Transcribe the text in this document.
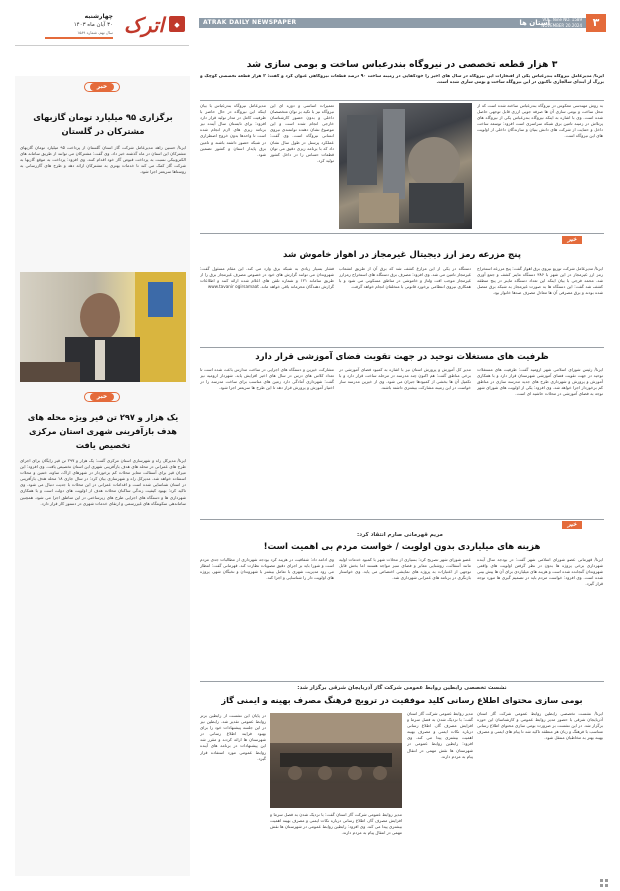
۳
استان ها
VOL. Nine NO. 1589
NOVEMBER 20.2024
ATRAK DAILY NEWSPAPER
◆
اترک
چهارشنبه
۳۰ آبان ماه ۱۴۰۳
سال نهم، شماره ۱۵۸۹
۳ هزار قطعه تخصصی در نیروگاه بندرعباس ساخت و بومی سازی شد
ایرنا/ مدیرعامل نیروگاه بندرعباس یکی از افتخارات این نیروگاه در سال های اخیر را خودکفایی در زمینه ساخت ۹۰ درصد قطعات نیروگاهی عنوان کرد و گفت: ۳ هزار قطعه تخصصی کوچک و بزرگ از ابتدای سالجاری تاکنون در این نیروگاه ساخت و بومی سازی شده است.
به روش مهندسی معکوس در نیروگاه بندرعباس ساخته شده است که از محل ساخت و بومی سازی آن ها صرفه جویی ارزی قابل توجهی حاصل شده است. وی با اشاره به اینکه نیروگاه بندرعباس یکی از نیروگاه های پرتلاش در زمینه تامین برق شبکه سراسری است افزود: توسعه ساخت داخل و حمایت از شرکت های دانش بنیان و سازندگان داخلی از اولویت های این نیروگاه است.
تعمیرات اساسی و دوره ای این نیروگاه نیز با تکیه بر توان متخصصان داخلی و بدون حضور کارشناسان خارجی انجام شده است و این موضوع نشان دهنده توانمندی نیروی انسانی نیروگاه است. وی گفت: عملکرد پرسنل در طول سال نشان داد که با برنامه ریزی دقیق می توان قطعات حساس را در داخل کشور تولید کرد.
مدیرعامل نیروگاه بندرعباس با بیان اینکه این نیروگاه در حال حاضر با ظرفیت کامل در مدار تولید قرار دارد افزود: برای تابستان سال آینده نیز برنامه ریزی های لازم انجام شده است تا واحدها بدون خروج اضطراری در شبکه حضور داشته باشند و تامین برق پایدار استان و کشور تضمین شود.
خبر
پنج مزرعه رمز ارز دیجیتال غیرمجاز در اهواز خاموش شد
ایرنا/ مدیرعامل شرکت توزیع نیروی برق اهواز گفت: پنج مزرعه استخراج رمز ارز غیرمجاز در این شهر با ۳۸۶ دستگاه ماینر کشف و جمع آوری شد. محمد فرجی با بیان اینکه این تعداد دستگاه ماینر در پنج منطقه کشف شد گفت: این دستگاه ها به صورت غیرمجاز به شبکه برق متصل شده بودند و برق مصرفی آن ها معادل مصرف صدها خانوار بود.
دستگاه در یکی از این مزارع کشف شد که برق آن از طریق انشعاب غیرمجاز تامین می شد. وی افزود: مصرف برق دستگاه های استخراج رمزارز غیرمجاز موجب افت ولتاژ و خاموشی در مناطق مسکونی می شود و با همکاری نیروی انتظامی برخورد قانونی با متخلفان انجام خواهد گرفت.
فشار بسیار زیادی به شبکه برق وارد می کند. این مقام مسئول گفت: شهروندان می توانند گزارش های خود در خصوص مصرف غیرمجاز برق را از طریق سامانه ۱۲۱ و شماره تلفن های اعلام شده ارائه کنند و اطلاعات گزارش دهندگان محرمانه باقی خواهد ماند. www.tavanir ogirsamaat
ظرفیت های مستغلات توحید در جهت تقویت فضای آموزشی قرار دارد
ایرنا/ رئیس شورای اسلامی شهر ارومیه گفت: ظرفیت های مستغلات توحید در جهت تقویت فضای آموزشی شهرستان قرار دارد و با همکاری آموزش و پرورش و شهرداری طرح های جدید مدرسه سازی در مناطق کم برخوردار اجرا خواهد شد. وی افزود: یکی از اولویت های شورای شهر توجه به فضای آموزشی در محلات حاشیه ای است.
مدیر کل آموزش و پرورش استان نیز با اشاره به کمبود فضای آموزشی در برخی مناطق گفت: هم اکنون چند مدرسه در مرحله ساخت قرار دارد و با تکمیل آن ها بخشی از کمبودها جبران می شود. وی از خیرین مدرسه ساز خواست در این زمینه مشارکت بیشتری داشته باشند.
مشارکت خیرین و دستگاه های اجرایی در ساخت مدارس باعث شده است تا تعداد کلاس های درس در سال های اخیر افزایش یابد. شهردار ارومیه نیز گفت: شهرداری آمادگی دارد زمین های مناسب برای ساخت مدرسه را در اختیار آموزش و پرورش قرار دهد تا این طرح ها سریعتر اجرا شود.
خبر
مریم قهرمانی صارم انتقاد کرد:
هزینه های میلیاردی بدون اولویت / خواست مردم بی اهمیت است!
ایرنا/ قهرمانی عضو شورای اسلامی شهر گفت: در بودجه سال آینده شهرداری برخی پروژه ها بدون در نظر گرفتن اولویت های واقعی شهروندان گنجانده شده است و هزینه های میلیاردی برای آن ها پیش بینی شده است. وی افزود: خواست مردم باید در تصمیم گیری ها مورد توجه قرار گیرد.
عضو شورای شهر تصریح کرد: بسیاری از محلات شهر با کمبود خدمات اولیه مانند آسفالت، روشنایی معابر و فضای سبز مواجه هستند اما بخش قابل توجهی از اعتبارات به پروژه های نمایشی اختصاص می یابد. وی خواستار بازنگری در برنامه های عمرانی شهرداری شد.
وی ادامه داد: شفافیت در هزینه کرد بودجه شهرداری از مطالبات جدی مردم است و شورا باید بر اجرای دقیق مصوبات نظارت کند. قهرمانی گفت: انتظار می رود مدیریت شهری با تعامل بیشتر با شهروندان و نخبگان شهر، پروژه های اولویت دار را شناسایی و اجرا کند.
نشست تخصصی رابطین روابط عمومی شرکت گاز آذربایجان شرقی برگزار شد:
بومی سازی محتوای اطلاع رسانی کلید موفقیت در ترویج فرهنگ مصرف بهینه و ایمنی گاز
ایرنا/ نشست تخصصی رابطین روابط عمومی شرکت گاز استان آذربایجان شرقی با حضور مدیر روابط عمومی و کارشناسان این حوزه برگزار شد. در این نشست بر ضرورت بومی سازی محتوای اطلاع رسانی متناسب با فرهنگ و زبان هر منطقه تاکید شد تا پیام های ایمنی و مصرف بهینه بهتر به مخاطبان منتقل شود.
مدیر روابط عمومی شرکت گاز استان گفت: با نزدیک شدن به فصل سرما و افزایش مصرف گاز، اطلاع رسانی درباره نکات ایمنی و مصرف بهینه اهمیت بیشتری پیدا می کند. وی افزود: رابطین روابط عمومی در شهرستان ها نقش مهمی در انتقال پیام به مردم دارند.
در پایان این نشست از رابطین برتر روابط عمومی تقدیر شد. رابطین نیز در این جلسه پیشنهادات خود را برای بهبود فرایند اطلاع رسانی در شهرستان ها ارائه کردند و مقرر شد این پیشنهادات در برنامه های آینده روابط عمومی مورد استفاده قرار گیرد.
مدیر روابط عمومی شرکت گاز استان گفت: با نزدیک شدن به فصل سرما و افزایش مصرف گاز، اطلاع رسانی درباره نکات ایمنی و مصرف بهینه اهمیت بیشتری پیدا می کند. وی افزود: رابطین روابط عمومی در شهرستان ها نقش مهمی در انتقال پیام به مردم دارند.
خبر
برگزاری ۹۵ میلیارد تومان گازبهای مشترکان در گلستان
ایرنا/ حسین زاهد مدیرعامل شرکت گاز استان گلستان از پرداخت ۹۵ میلیارد تومان گازبهای مشترکان این استان در ماه گذشته خبر داد. وی گفت: مشترکان می توانند از طریق سامانه های الکترونیکی نسبت به پرداخت قبوض گاز خود اقدام کنند. وی افزود: پرداخت به موقع گازبها به شرکت گاز کمک می کند تا خدمات بهتری به مشترکان ارائه دهد و طرح های گازرسانی به روستاها سریعتر اجرا شود.
خبر
یک هزار و ۲۹۷ تن قیر ویژه محله های هدف بازآفرینی شهری استان مرکزی تخصیص یافت
ایرنا/ مدیرکل راه و شهرسازی استان مرکزی گفت: یک هزار و ۲۹۷ تن قیر رایگان برای اجرای طرح های عمرانی در محله های هدف بازآفرینی شهری این استان تخصیص یافت. وی افزود: این میزان قیر برای آسفالت معابر محلات کم برخوردار در شهرهای اراک، ساوه، خمین و محلات استفاده خواهد شد. مدیرکل راه و شهرسازی بیان کرد: در سال جاری ۱۸ محله هدف بازآفرینی در استان شناسایی شده است و اقدامات عمرانی در این محلات با جدیت دنبال می شود. وی تاکید کرد: بهبود کیفیت زندگی ساکنان محلات هدف از اولویت های دولت است و با همکاری شهرداری ها و دستگاه های اجرایی طرح های زیرساختی در این مناطق اجرا می شود. همچنین ساماندهی سکونتگاه های غیررسمی و ارتقای خدمات شهری در دستور کار قرار دارد.
